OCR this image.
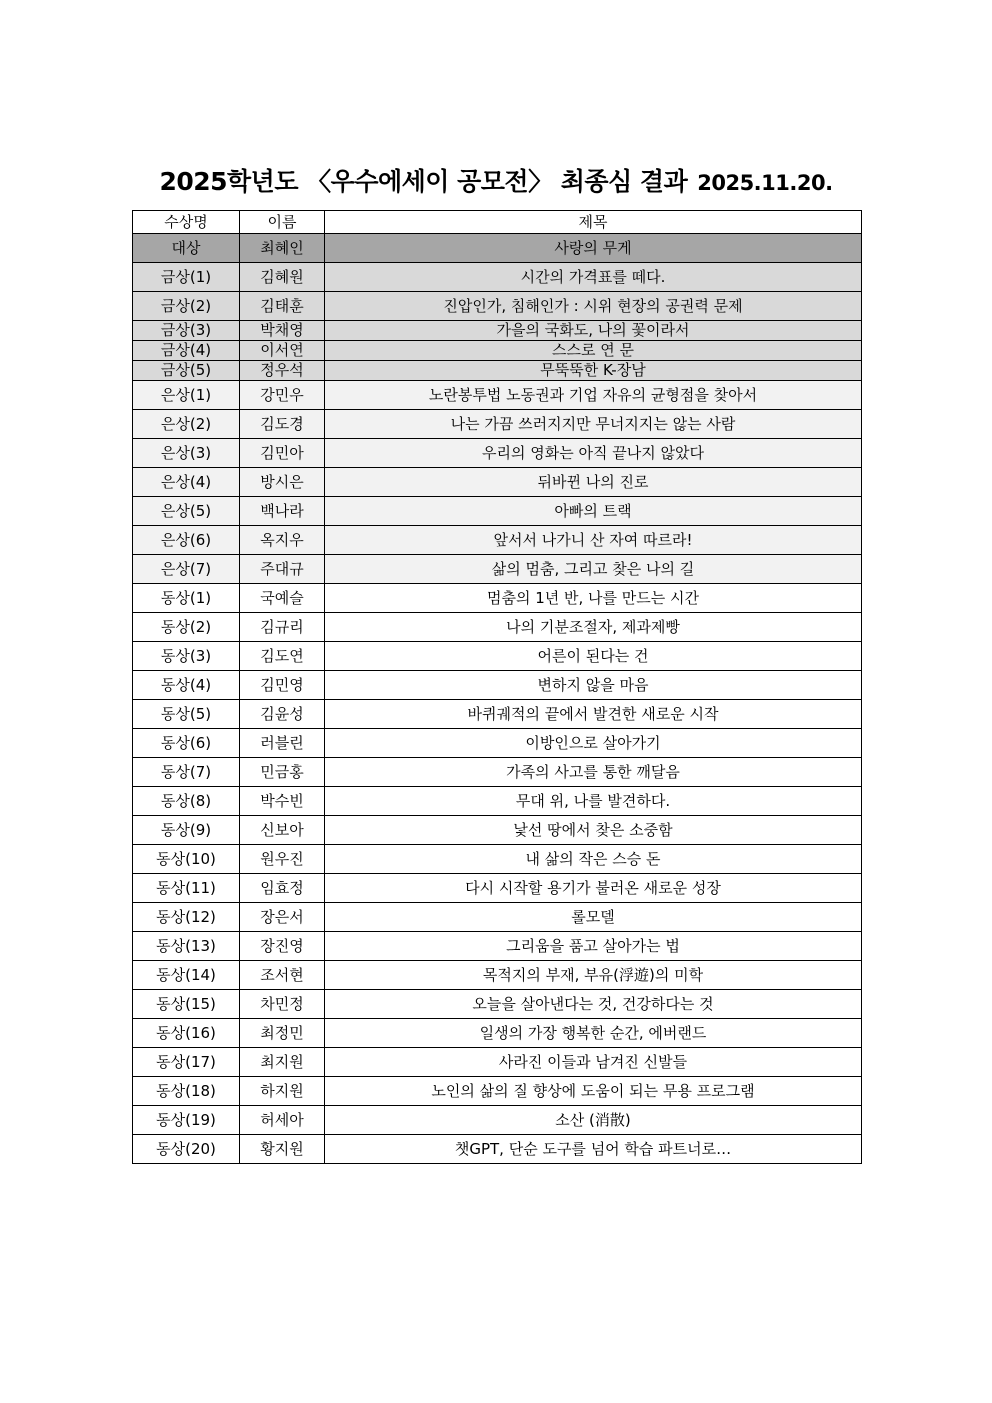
2025학년도 〈우수에세이 공모전〉 최종심 결과 2025.11.20.
수상명	이름	제목
대상	최혜인	사랑의 무게
금상(1)	김혜원	시간의 가격표를 떼다.
금상(2)	김태훈	진압인가, 침해인가 : 시위 현장의 공권력 문제
금상(3)	박채영	가을의 국화도, 나의 꽃이라서
금상(4)	이서연	스스로 연 문
금상(5)	정우석	무뚝뚝한 K-장남
은상(1)	강민우	노란봉투법 노동권과 기업 자유의 균형점을 찾아서
은상(2)	김도경	나는 가끔 쓰러지지만 무너지지는 않는 사람
은상(3)	김민아	우리의 영화는 아직 끝나지 않았다
은상(4)	방시은	뒤바뀐 나의 진로
은상(5)	백나라	아빠의 트랙
은상(6)	옥지우	앞서서 나가니 산 자여 따르라!
은상(7)	주대규	삶의 멈춤, 그리고 찾은 나의 길
동상(1)	국예슬	멈춤의 1년 반, 나를 만드는 시간
동상(2)	김규리	나의 기분조절자, 제과제빵
동상(3)	김도연	어른이 된다는 건
동상(4)	김민영	변하지 않을 마음
동상(5)	김윤성	바퀴궤적의 끝에서 발견한 새로운 시작
동상(6)	러블린	이방인으로 살아가기
동상(7)	민금홍	가족의 사고를 통한 깨달음
동상(8)	박수빈	무대 위, 나를 발견하다.
동상(9)	신보아	낯선 땅에서 찾은 소중함
동상(10)	원우진	내 삶의 작은 스승 돈
동상(11)	임효정	다시 시작할 용기가 불러온 새로운 성장
동상(12)	장은서	롤모델
동상(13)	장진영	그리움을 품고 살아가는 법
동상(14)	조서현	목적지의 부재, 부유(浮遊)의 미학
동상(15)	차민정	오늘을 살아낸다는 것, 건강하다는 것
동상(16)	최정민	일생의 가장 행복한 순간, 에버랜드
동상(17)	최지원	사라진 이들과 남겨진 신발들
동상(18)	하지원	노인의 삶의 질 향상에 도움이 되는 무용 프로그램
동상(19)	허세아	소산 (消散)
동상(20)	황지원	챗GPT, 단순 도구를 넘어 학습 파트너로…
